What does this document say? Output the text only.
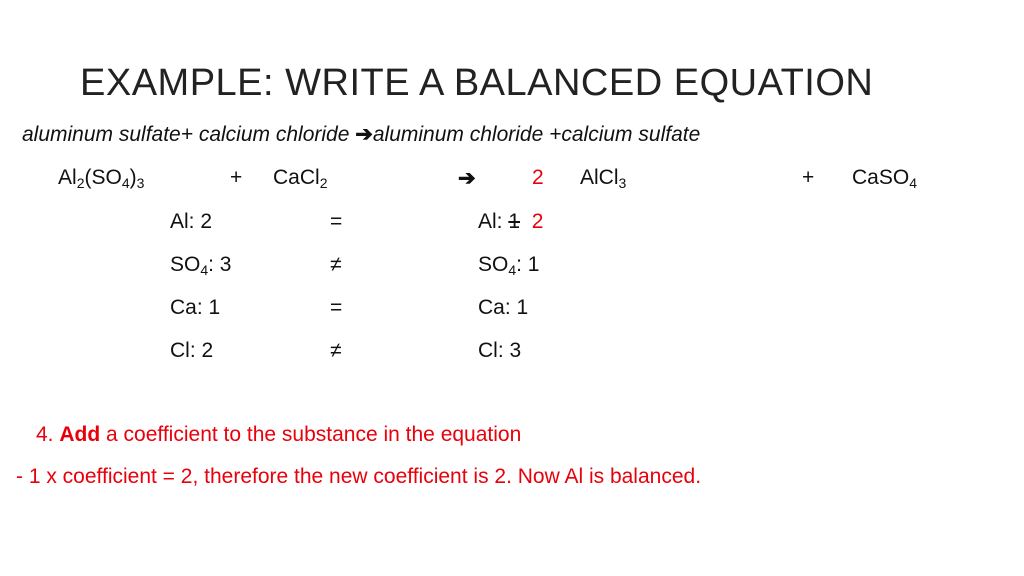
EXAMPLE: WRITE A BALANCED EQUATION
aluminum sulfate+ calcium chloride ➔aluminum chloride +calcium sulfate
$Al_2(SO_4)_3$	+ CaCl$_2$	➔	2 AlCl$_3$	+ CaSO$_4$
Al: 2	=	Al: 1 2
$SO_4$: 3	≠	$SO_4$: 1
Ca: 1	=	Ca: 1
Cl: 2	≠	Cl: 3
4. Add a coefficient to the substance in the equation
- 1 x coefficient = 2, therefore the new coefficient is 2. Now Al is balanced.
